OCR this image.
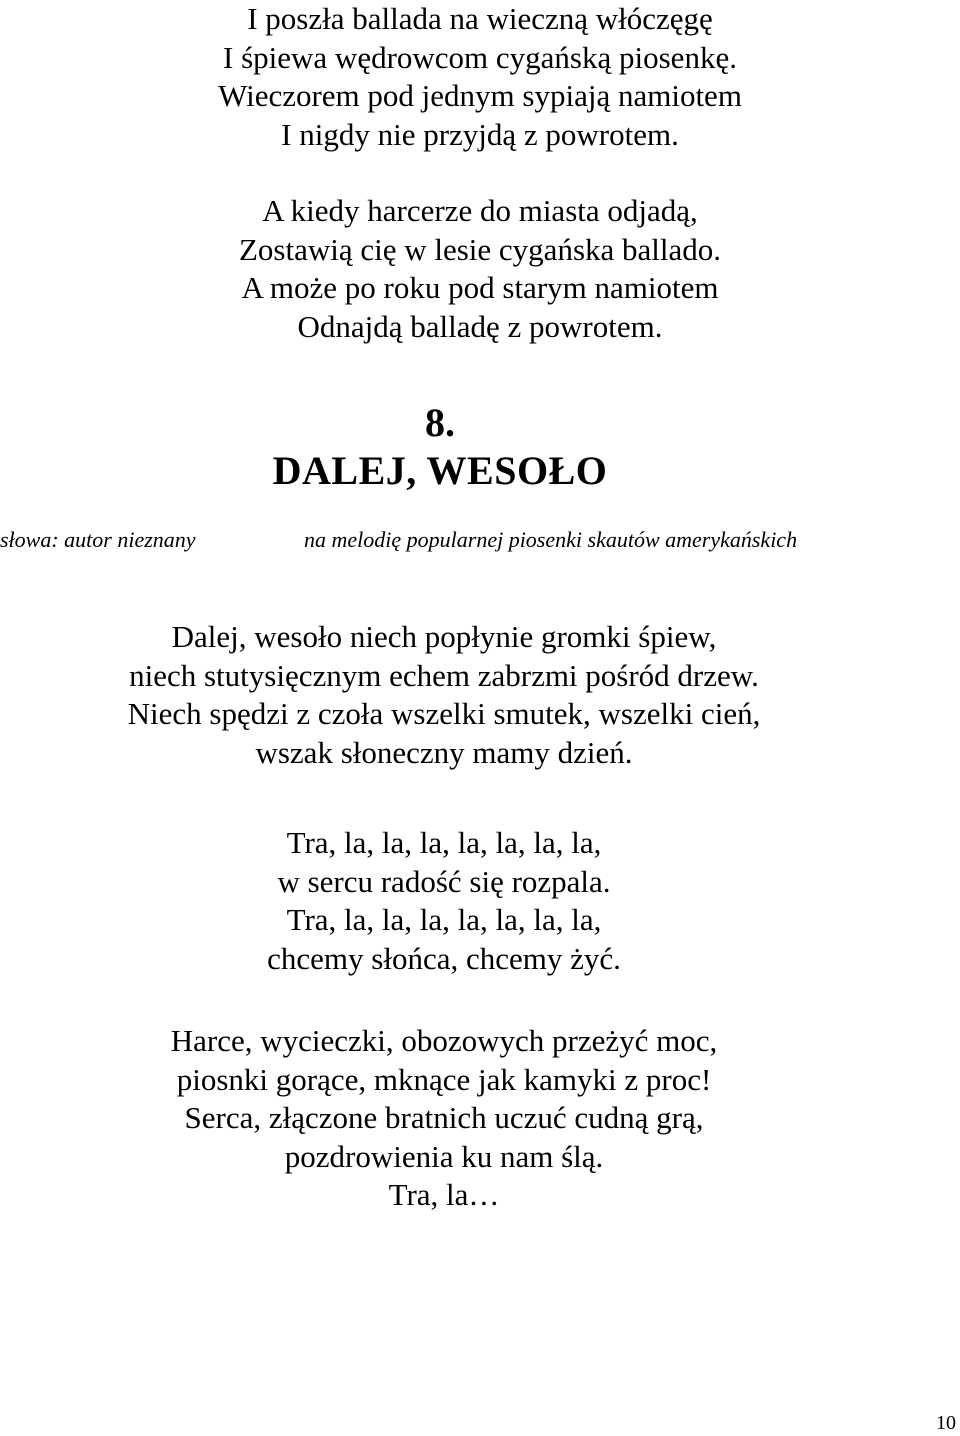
I poszła ballada na wieczną włóczęgę
I śpiewa wędrowcom cygańską piosenkę.
Wieczorem pod jednym sypiają namiotem
I nigdy nie przyjdą z powrotem.
A kiedy harcerze do miasta odjadą,
Zostawią cię w lesie cygańska ballado.
A może po roku pod starym namiotem
Odnajdą balladę z powrotem.
8.
DALEJ, WESOŁO
słowa: autor nieznany	na melodię popularnej piosenki skautów amerykańskich
Dalej, wesoło niech popłynie gromki śpiew,
niech stutysięcznym echem zabrzmi pośród drzew.
Niech spędzi z czoła wszelki smutek, wszelki cień,
wszak słoneczny mamy dzień.
Tra, la, la, la, la, la, la, la,
w sercu radość się rozpala.
Tra, la, la, la, la, la, la, la,
chcemy słońca, chcemy żyć.
Harce, wycieczki, obozowych przeżyć moc,
piosnki gorące, mknące jak kamyki z proc!
Serca, złączone bratnich uczuć cudną grą,
pozdrowienia ku nam ślą.
Tra, la…
10
